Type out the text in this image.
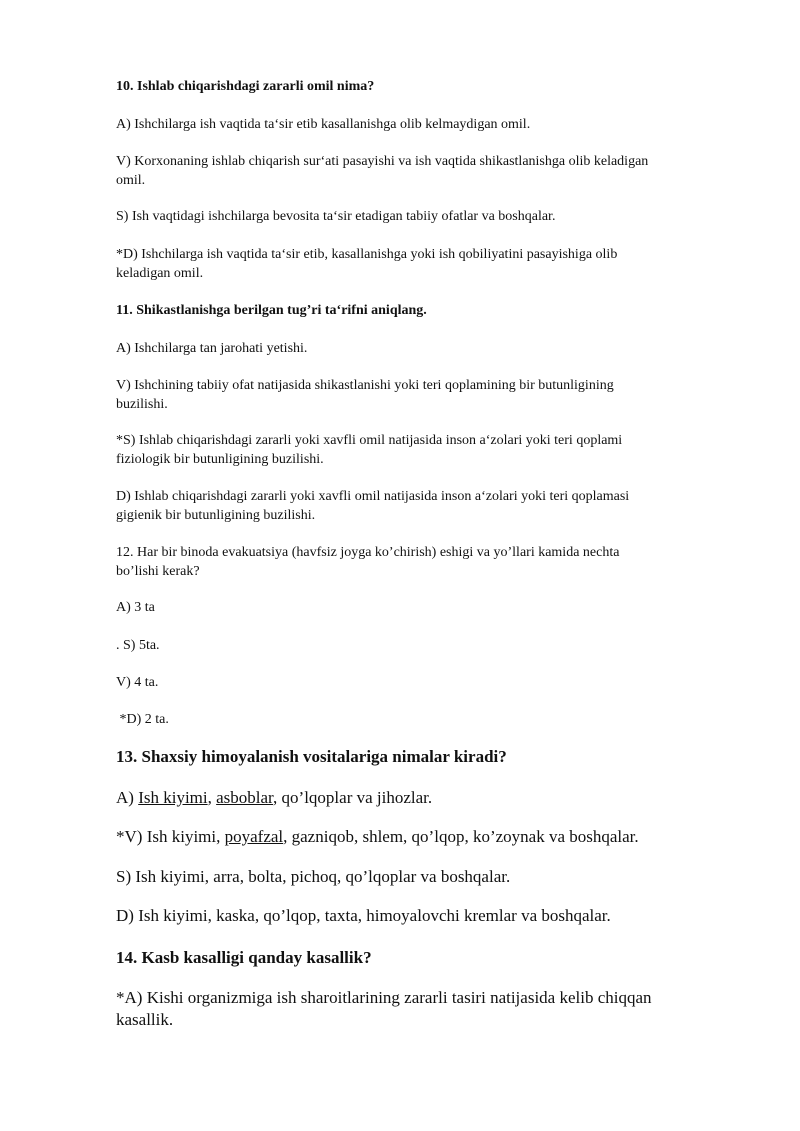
10. Ishlab chiqarishdagi zararli omil nima?

A) Ishchilarga ish vaqtida ta‘sir etib kasallanishga olib kelmaydigan omil.

V) Korxonaning ishlab chiqarish sur‘ati pasayishi va ish vaqtida shikastlanishga olib keladigan

omil.

S) Ish vaqtidagi ishchilarga bevosita ta‘sir etadigan tabiiy ofatlar va boshqalar.

*D) Ishchilarga ish vaqtida ta‘sir etib, kasallanishga yoki ish qobiliyatini pasayishiga olib

keladigan omil.

11. Shikastlanishga berilgan tug’ri ta‘rifni aniqlang.

A) Ishchilarga tan jarohati yetishi.

V) Ishchining tabiiy ofat natijasida shikastlanishi yoki teri qoplamining bir butunligining

buzilishi.

*S) Ishlab chiqarishdagi zararli yoki xavfli omil natijasida inson a‘zolari yoki teri qoplami

fiziologik bir butunligining buzilishi.

D) Ishlab chiqarishdagi zararli yoki xavfli omil natijasida inson a‘zolari yoki teri qoplamasi

gigienik bir butunligining buzilishi.

12. Har bir binoda evakuatsiya (havfsiz joyga ko’chirish) eshigi va yo’llari kamida nechta

bo’lishi kerak?

A) 3 ta

. S) 5ta.

V) 4 ta.

*D) 2 ta.

13. Shaxsiy himoyalanish vositalariga nimalar kiradi?

A) Ish kiyimi, asboblar, qo’lqoplar va jihozlar.

*V) Ish kiyimi, poyafzal, gazniqob, shlem, qo’lqop, ko’zoynak va boshqalar.

S) Ish kiyimi, arra, bolta, pichoq, qo’lqoplar va boshqalar.

D) Ish kiyimi, kaska, qo’lqop, taxta, himoyalovchi kremlar va boshqalar.

14. Kasb kasalligi qanday kasallik?

*A) Kishi organizmiga ish sharoitlarining zararli tasiri natijasida kelib chiqqan

kasallik.
